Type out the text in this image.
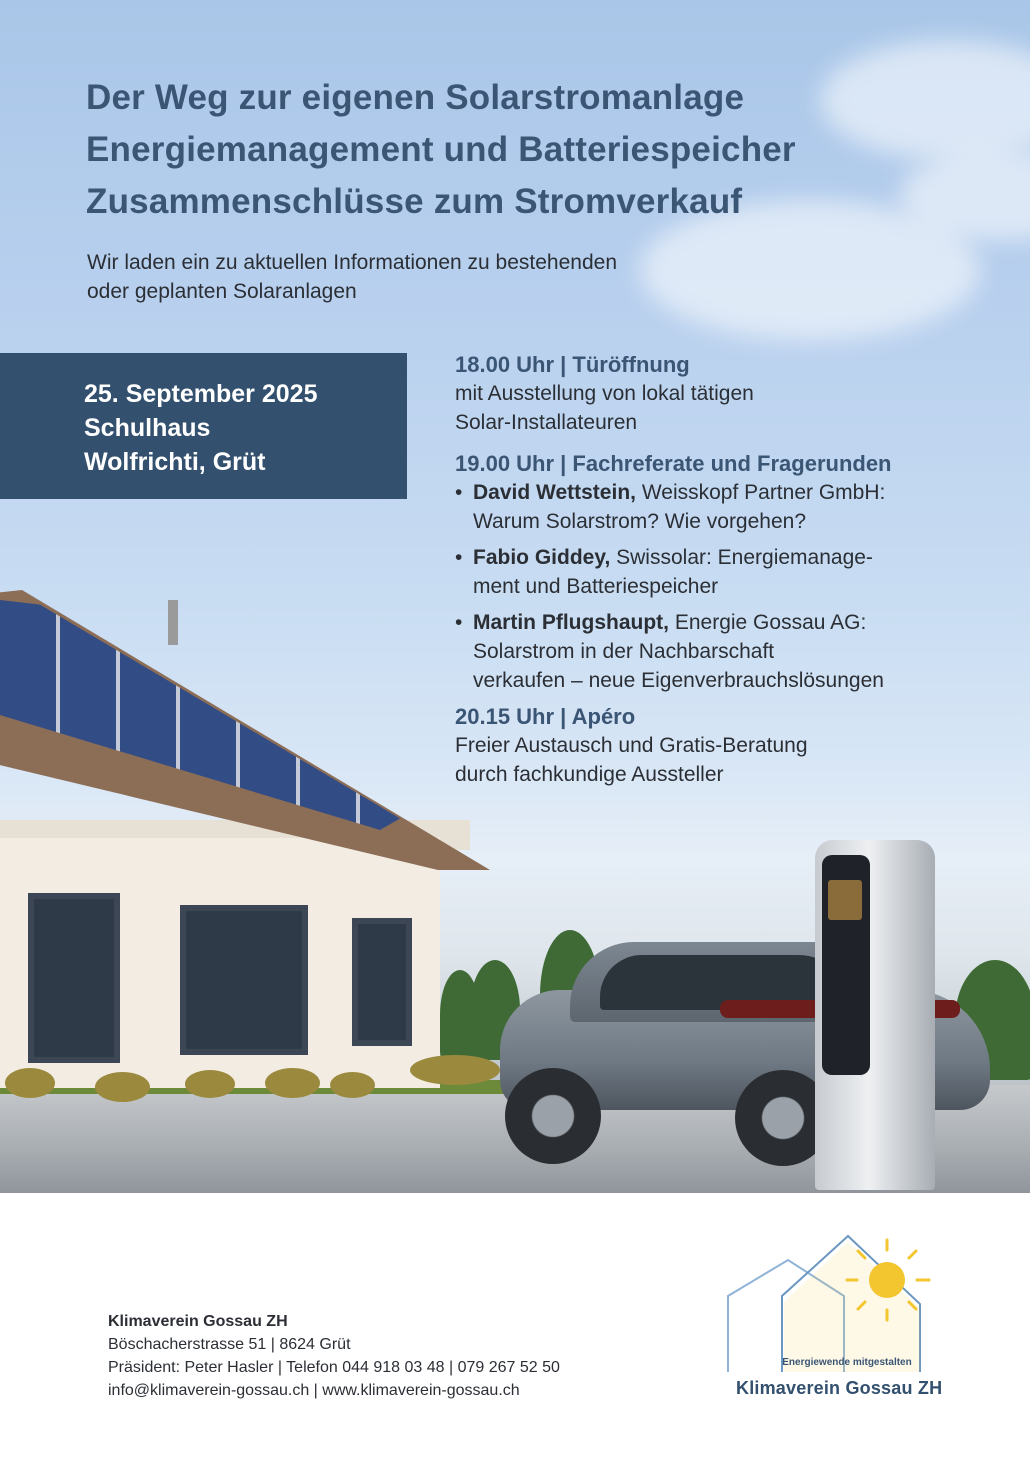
Der Weg zur eigenen Solarstromanlage
Energiemanagement und Batteriespeicher
Zusammenschlüsse zum Stromverkauf
Wir laden ein zu aktuellen Informationen zu bestehenden
oder geplanten Solaranlagen
25. September 2025
Schulhaus
Wolfrichti, Grüt
18.00 Uhr | Türöffnung
mit Ausstellung von lokal tätigen
Solar-Installateuren
19.00 Uhr | Fachreferate und Fragerunden
• David Wettstein, Weisskopf Partner GmbH:
Warum Solarstrom? Wie vorgehen?
• Fabio Giddey, Swissolar: Energiemanage-
ment und Batteriespeicher
• Martin Pflugshaupt, Energie Gossau AG:
Solarstrom in der Nachbarschaft
verkaufen – neue Eigenverbrauchslösungen
20.15 Uhr | Apéro
Freier Austausch und Gratis-Beratung
durch fachkundige Aussteller
Klimaverein Gossau ZH
Böschacherstrasse 51 | 8624 Grüt
Präsident: Peter Hasler | Telefon 044 918 03 48 | 079 267 52 50
info@klimaverein-gossau.ch | www.klimaverein-gossau.ch
Energiewende mitgestalten
Klimaverein Gossau ZH
